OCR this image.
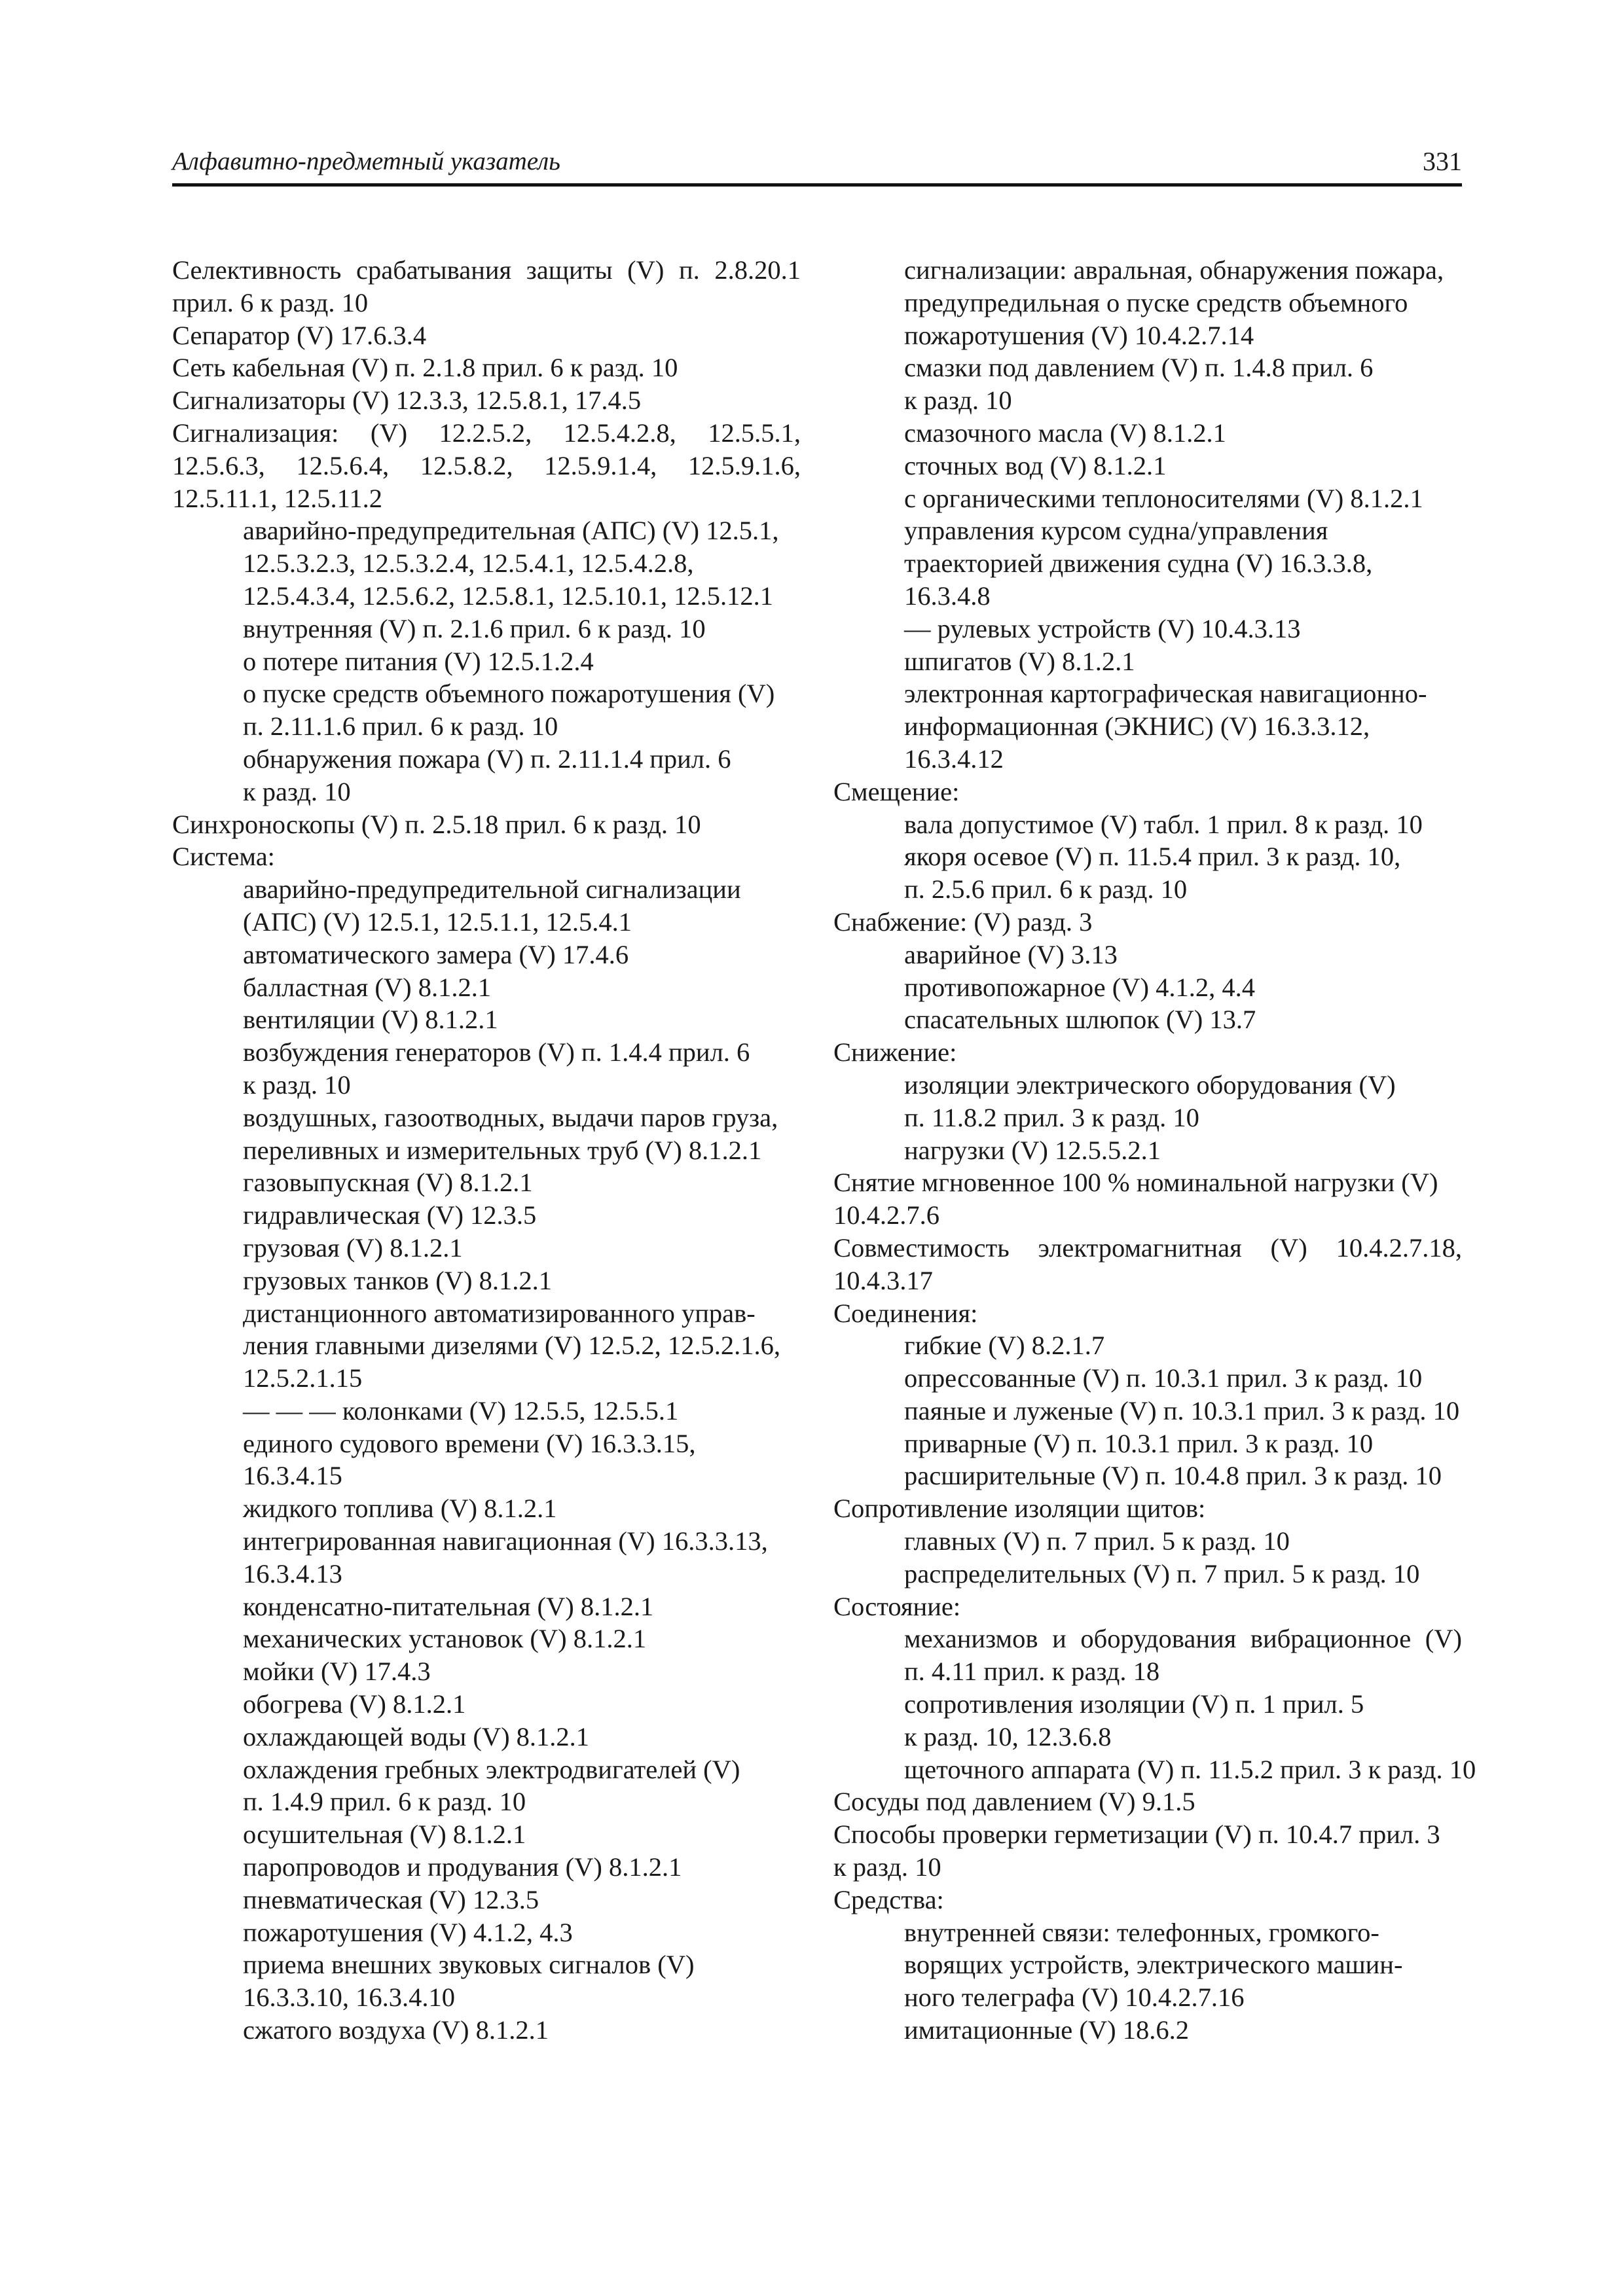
Алфавитно-предметный указатель	331
Селективность срабатывания защиты (V) п. 2.8.20.1
прил. 6 к разд. 10
Сепаратор (V) 17.6.3.4
Сеть кабельная (V) п. 2.1.8 прил. 6 к разд. 10
Сигнализаторы (V) 12.3.3, 12.5.8.1, 17.4.5
Сигнализация: (V) 12.2.5.2, 12.5.4.2.8, 12.5.5.1,
12.5.6.3, 12.5.6.4, 12.5.8.2, 12.5.9.1.4, 12.5.9.1.6,
12.5.11.1, 12.5.11.2
аварийно-предупредительная (АПС) (V) 12.5.1,
12.5.3.2.3, 12.5.3.2.4, 12.5.4.1, 12.5.4.2.8,
12.5.4.3.4, 12.5.6.2, 12.5.8.1, 12.5.10.1, 12.5.12.1
внутренняя (V) п. 2.1.6 прил. 6 к разд. 10
о потере питания (V) 12.5.1.2.4
о пуске средств объемного пожаротушения (V)
п. 2.11.1.6 прил. 6 к разд. 10
обнаружения пожара (V) п. 2.11.1.4 прил. 6
к разд. 10
Синхроноскопы (V) п. 2.5.18 прил. 6 к разд. 10
Система:
аварийно-предупредительной сигнализации
(АПС) (V) 12.5.1, 12.5.1.1, 12.5.4.1
автоматического замера (V) 17.4.6
балластная (V) 8.1.2.1
вентиляции (V) 8.1.2.1
возбуждения генераторов (V) п. 1.4.4 прил. 6
к разд. 10
воздушных, газоотводных, выдачи паров груза,
переливных и измерительных труб (V) 8.1.2.1
газовыпускная (V) 8.1.2.1
гидравлическая (V) 12.3.5
грузовая (V) 8.1.2.1
грузовых танков (V) 8.1.2.1
дистанционного автоматизированного управ-
ления главными дизелями (V) 12.5.2, 12.5.2.1.6,
12.5.2.1.15
— — — колонками (V) 12.5.5, 12.5.5.1
единого судового времени (V) 16.3.3.15,
16.3.4.15
жидкого топлива (V) 8.1.2.1
интегрированная навигационная (V) 16.3.3.13,
16.3.4.13
конденсатно-питательная (V) 8.1.2.1
механических установок (V) 8.1.2.1
мойки (V) 17.4.3
обогрева (V) 8.1.2.1
охлаждающей воды (V) 8.1.2.1
охлаждения гребных электродвигателей (V)
п. 1.4.9 прил. 6 к разд. 10
осушительная (V) 8.1.2.1
паропроводов и продувания (V) 8.1.2.1
пневматическая (V) 12.3.5
пожаротушения (V) 4.1.2, 4.3
приема внешних звуковых сигналов (V)
16.3.3.10, 16.3.4.10
сжатого воздуха (V) 8.1.2.1
сигнализации: авральная, обнаружения пожара,
предупредильная о пуске средств объемного
пожаротушения (V) 10.4.2.7.14
смазки под давлением (V) п. 1.4.8 прил. 6
к разд. 10
смазочного масла (V) 8.1.2.1
сточных вод (V) 8.1.2.1
с органическими теплоносителями (V) 8.1.2.1
управления курсом судна/управления
траекторией движения судна (V) 16.3.3.8,
16.3.4.8
— рулевых устройств (V) 10.4.3.13
шпигатов (V) 8.1.2.1
электронная картографическая навигационно-
информационная (ЭКНИС) (V) 16.3.3.12,
16.3.4.12
Смещение:
вала допустимое (V) табл. 1 прил. 8 к разд. 10
якоря осевое (V) п. 11.5.4 прил. 3 к разд. 10,
п. 2.5.6 прил. 6 к разд. 10
Снабжение: (V) разд. 3
аварийное (V) 3.13
противопожарное (V) 4.1.2, 4.4
спасательных шлюпок (V) 13.7
Снижение:
изоляции электрического оборудования (V)
п. 11.8.2 прил. 3 к разд. 10
нагрузки (V) 12.5.5.2.1
Снятие мгновенное 100 % номинальной нагрузки (V)
10.4.2.7.6
Совместимость электромагнитная (V) 10.4.2.7.18,
10.4.3.17
Соединения:
гибкие (V) 8.2.1.7
опрессованные (V) п. 10.3.1 прил. 3 к разд. 10
паяные и луженые (V) п. 10.3.1 прил. 3 к разд. 10
приварные (V) п. 10.3.1 прил. 3 к разд. 10
расширительные (V) п. 10.4.8 прил. 3 к разд. 10
Сопротивление изоляции щитов:
главных (V) п. 7 прил. 5 к разд. 10
распределительных (V) п. 7 прил. 5 к разд. 10
Состояние:
механизмов и оборудования вибрационное (V)
п. 4.11 прил. к разд. 18
сопротивления изоляции (V) п. 1 прил. 5
к разд. 10, 12.3.6.8
щеточного аппарата (V) п. 11.5.2 прил. 3 к разд. 10
Сосуды под давлением (V) 9.1.5
Способы проверки герметизации (V) п. 10.4.7 прил. 3
к разд. 10
Средства:
внутренней связи: телефонных, громкого-
ворящих устройств, электрического машин-
ного телеграфа (V) 10.4.2.7.16
имитационные (V) 18.6.2
